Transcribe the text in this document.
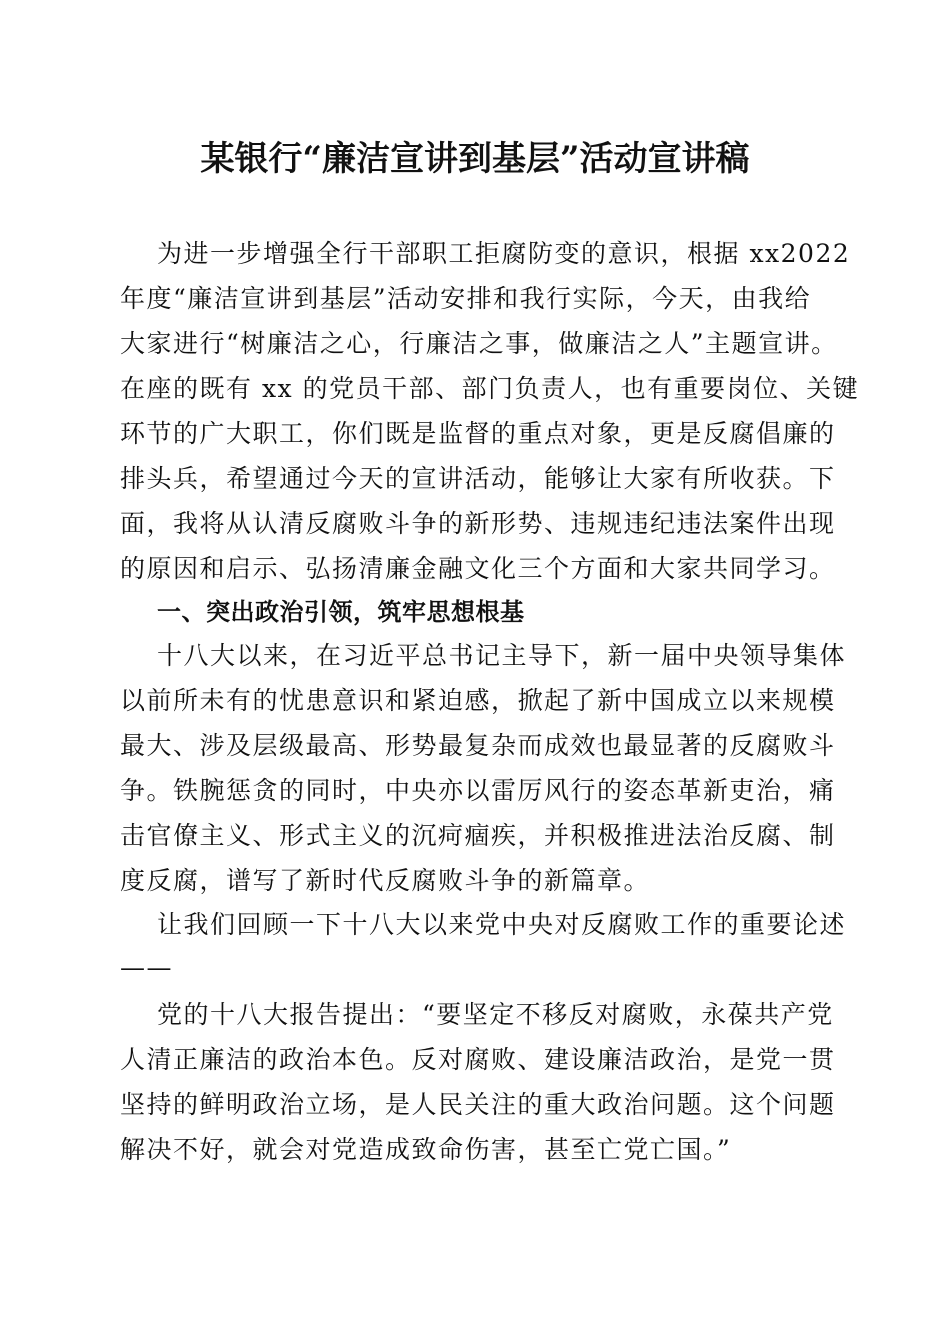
某银行“廉洁宣讲到基层”活动宣讲稿
为进一步增强全行干部职工拒腐防变的意识，根据 xx2022
年度“廉洁宣讲到基层”活动安排和我行实际，今天，由我给
大家进行“树廉洁之心，行廉洁之事，做廉洁之人”主题宣讲。
在座的既有 xx 的党员干部、部门负责人，也有重要岗位、关键
环节的广大职工，你们既是监督的重点对象，更是反腐倡廉的
排头兵，希望通过今天的宣讲活动，能够让大家有所收获。下
面，我将从认清反腐败斗争的新形势、违规违纪违法案件出现
的原因和启示、弘扬清廉金融文化三个方面和大家共同学习。
一、突出政治引领，筑牢思想根基
十八大以来，在习近平总书记主导下，新一届中央领导集体
以前所未有的忧患意识和紧迫感，掀起了新中国成立以来规模
最大、涉及层级最高、形势最复杂而成效也最显著的反腐败斗
争。铁腕惩贪的同时，中央亦以雷厉风行的姿态革新吏治，痛
击官僚主义、形式主义的沉疴痼疾，并积极推进法治反腐、制
度反腐，谱写了新时代反腐败斗争的新篇章。
让我们回顾一下十八大以来党中央对反腐败工作的重要论述
——
党的十八大报告提出：“要坚定不移反对腐败，永葆共产党
人清正廉洁的政治本色。反对腐败、建设廉洁政治，是党一贯
坚持的鲜明政治立场，是人民关注的重大政治问题。这个问题
解决不好，就会对党造成致命伤害，甚至亡党亡国。”
